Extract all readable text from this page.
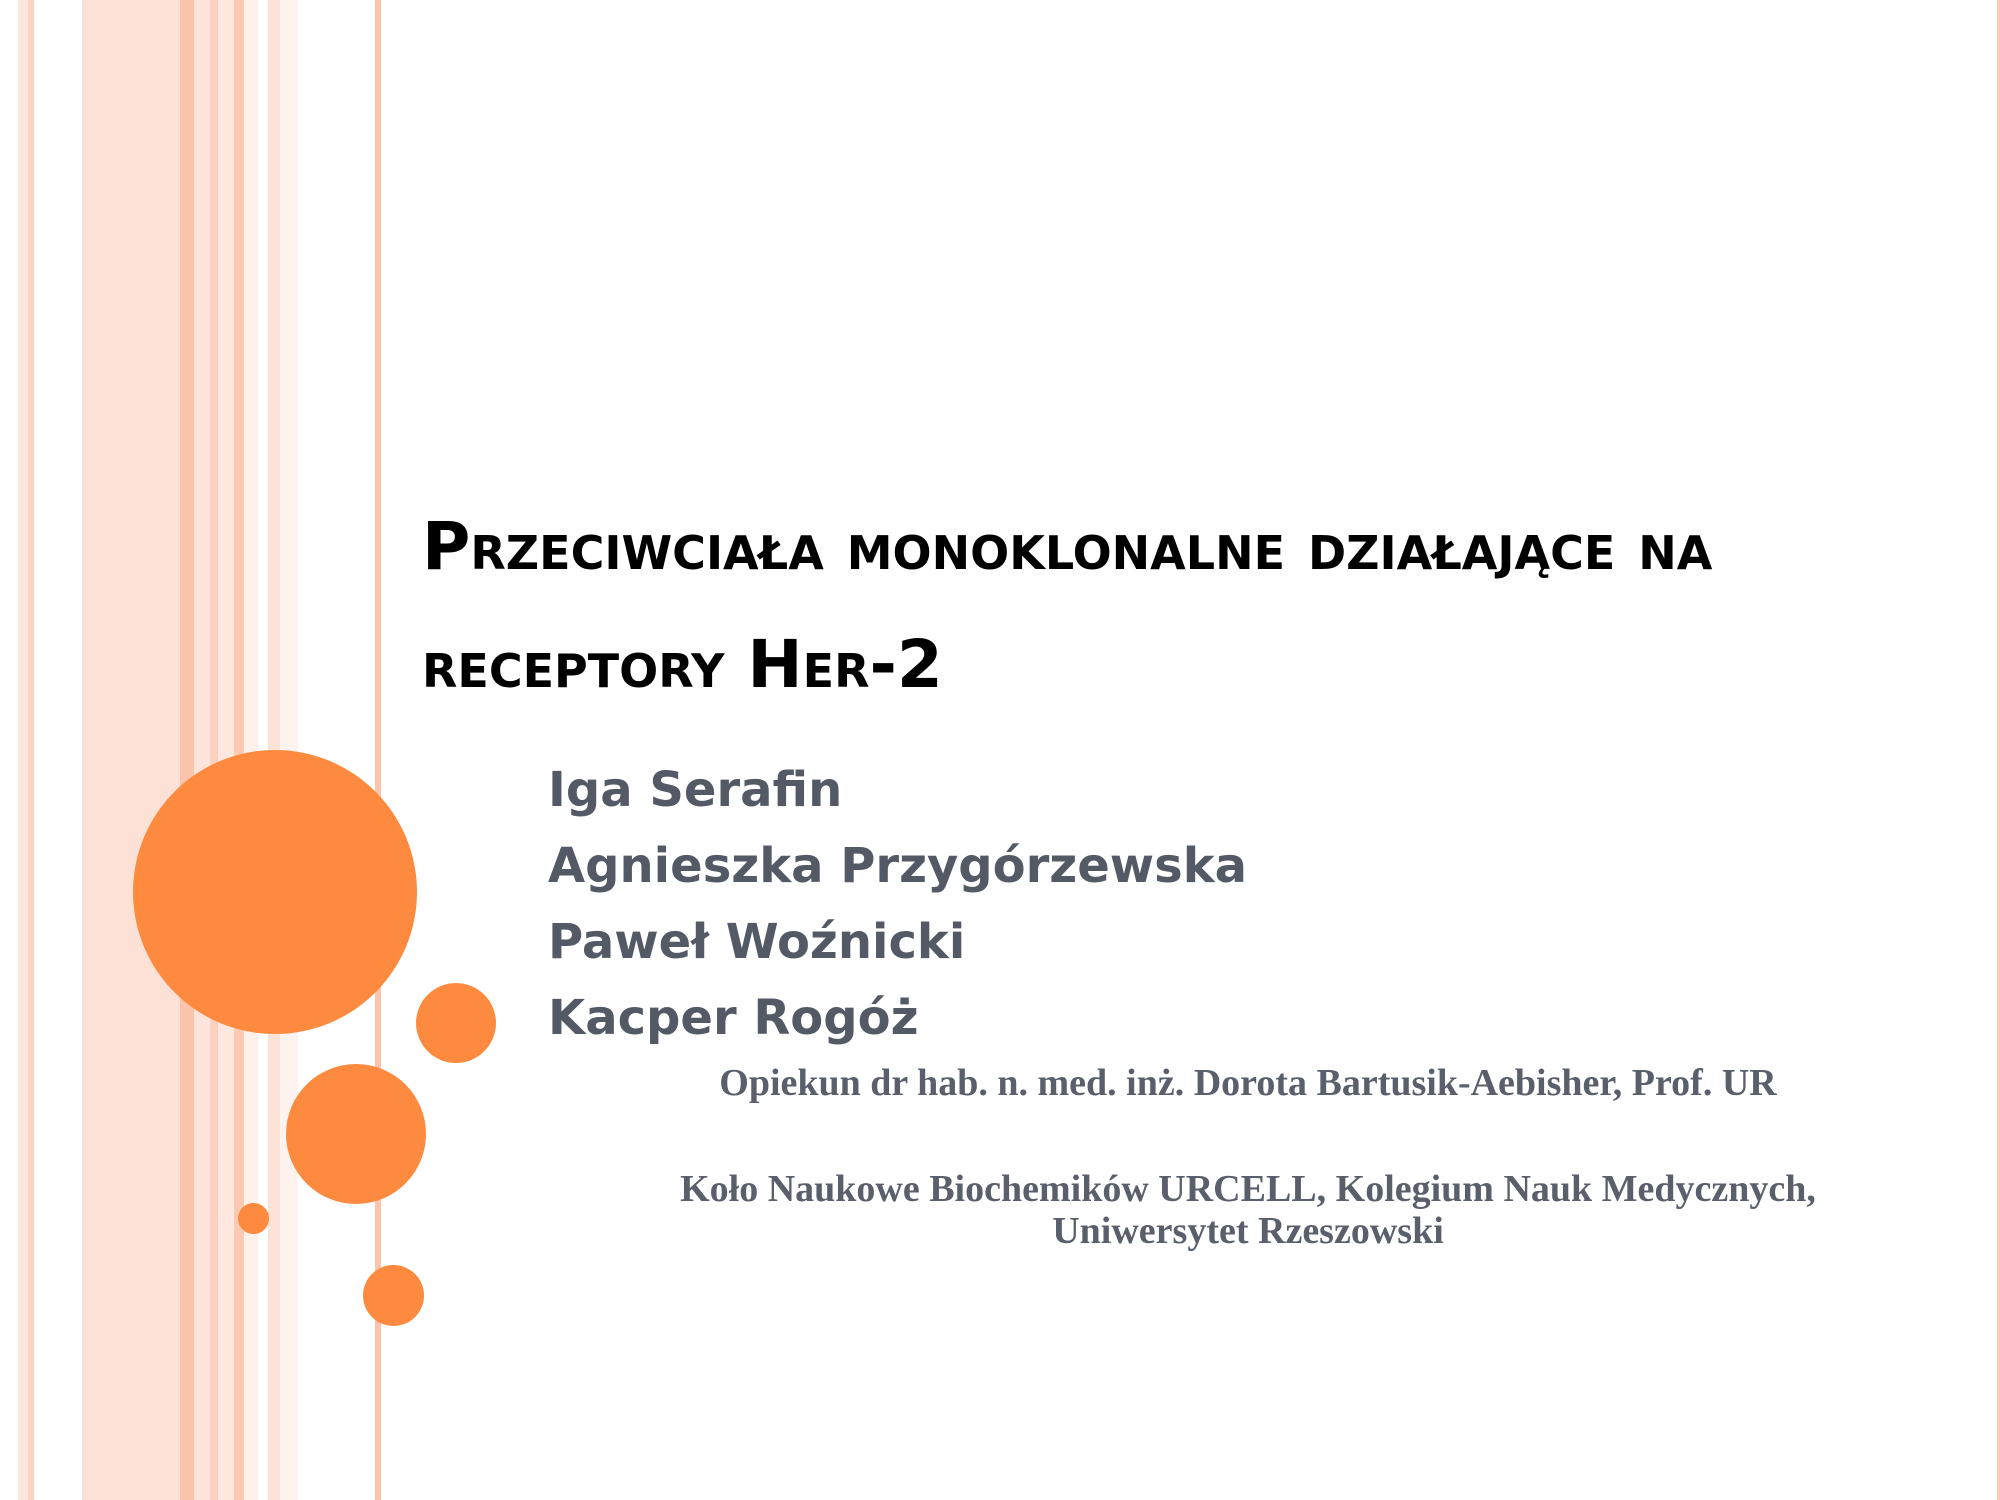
Przeciwciała monoklonalne działające na receptory Her-2
Iga Serafin
Agnieszka Przygórzewska
Paweł Woźnicki
Kacper Rogóż
Opiekun dr hab. n. med. inż. Dorota Bartusik-Aebisher, Prof. UR
Koło Naukowe Biochemików URCELL, Kolegium Nauk Medycznych,
Uniwersytet Rzeszowski
